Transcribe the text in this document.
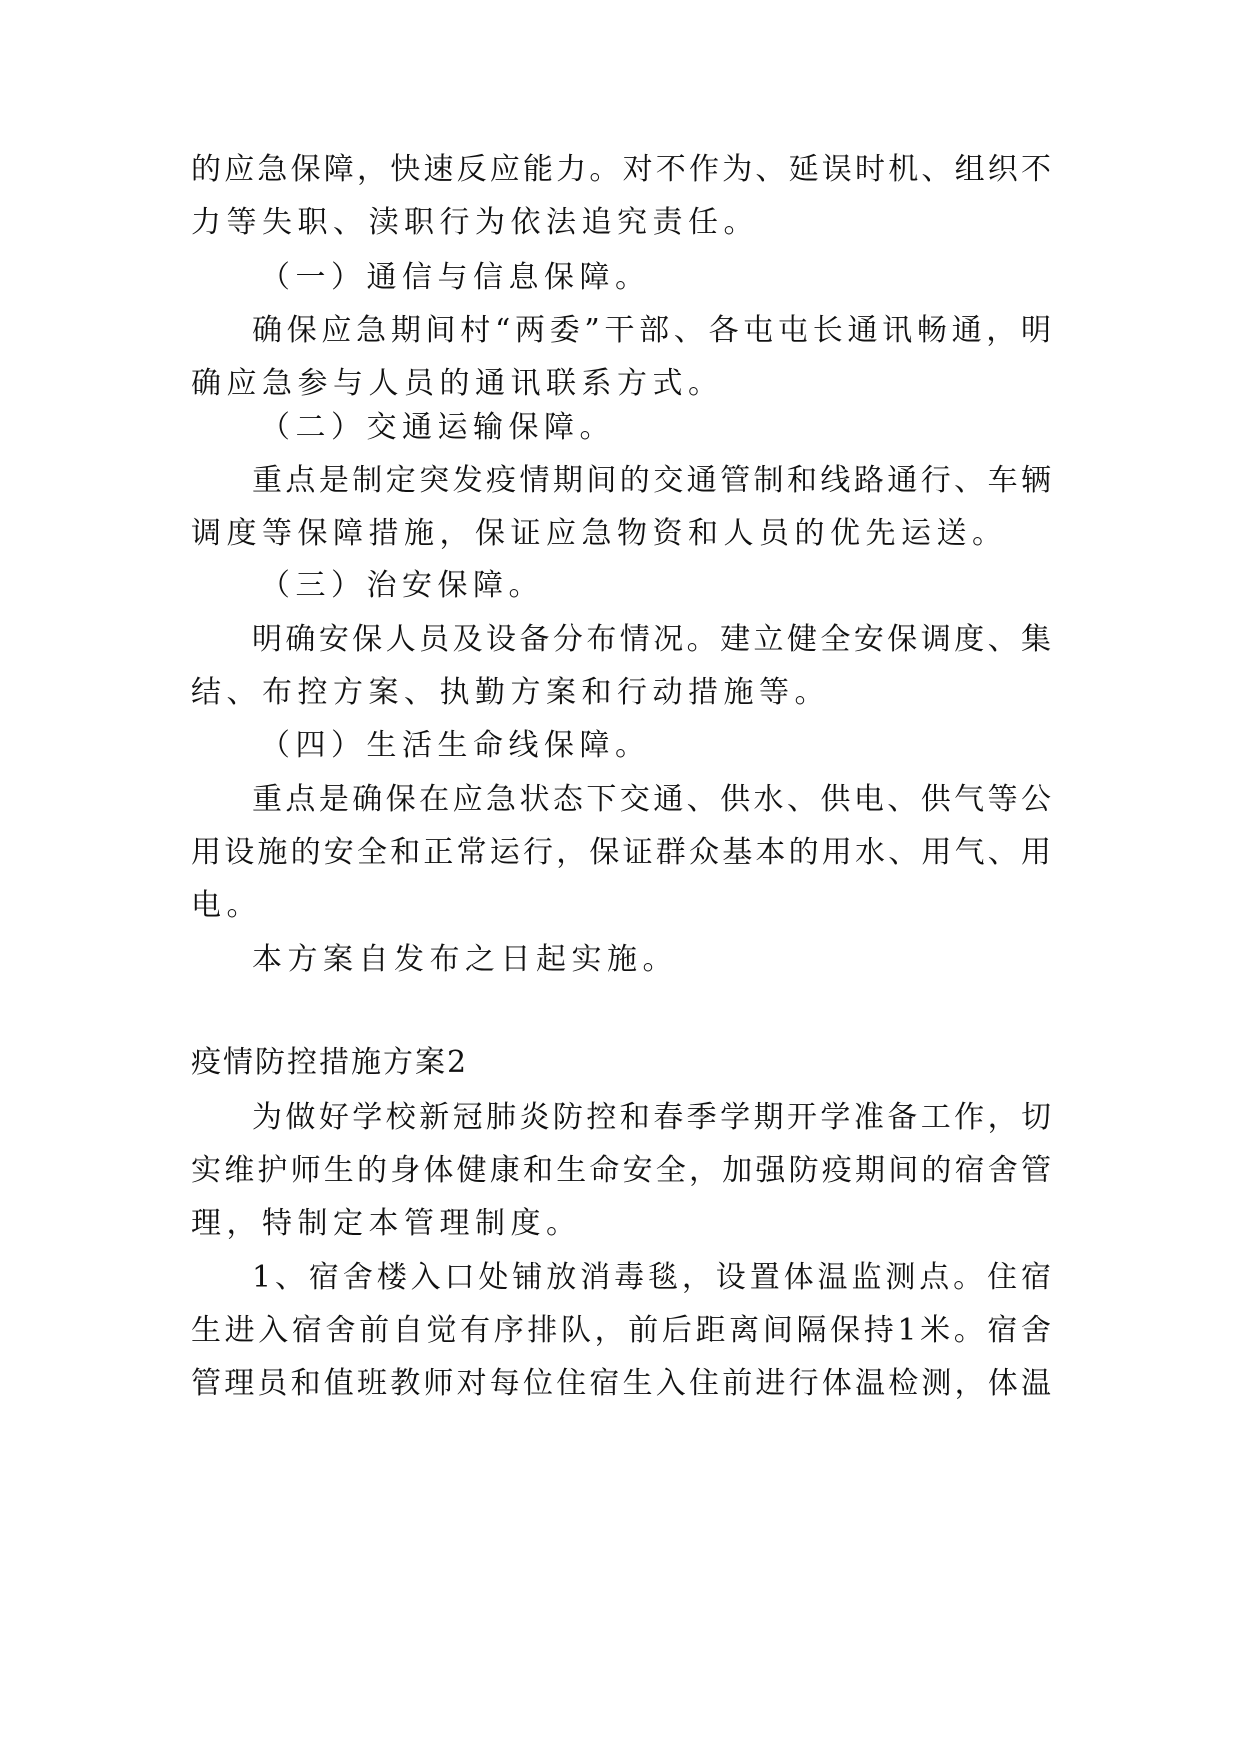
的应急保障，快速反应能力。对不作为、延误时机、组织不
力等失职、渎职行为依法追究责任。
（一）通信与信息保障。
确保应急期间村“两委”干部、各屯屯长通讯畅通，明
确应急参与人员的通讯联系方式。
（二）交通运输保障。
重点是制定突发疫情期间的交通管制和线路通行、车辆
调度等保障措施，保证应急物资和人员的优先运送。
（三）治安保障。
明确安保人员及设备分布情况。建立健全安保调度、集
结、布控方案、执勤方案和行动措施等。
（四）生活生命线保障。
重点是确保在应急状态下交通、供水、供电、供气等公
用设施的安全和正常运行，保证群众基本的用水、用气、用
电。
本方案自发布之日起实施。
疫情防控措施方案2
为做好学校新冠肺炎防控和春季学期开学准备工作，切
实维护师生的身体健康和生命安全，加强防疫期间的宿舍管
理，特制定本管理制度。
1、宿舍楼入口处铺放消毒毯，设置体温监测点。住宿
生进入宿舍前自觉有序排队，前后距离间隔保持1米。宿舍
管理员和值班教师对每位住宿生入住前进行体温检测，体温
